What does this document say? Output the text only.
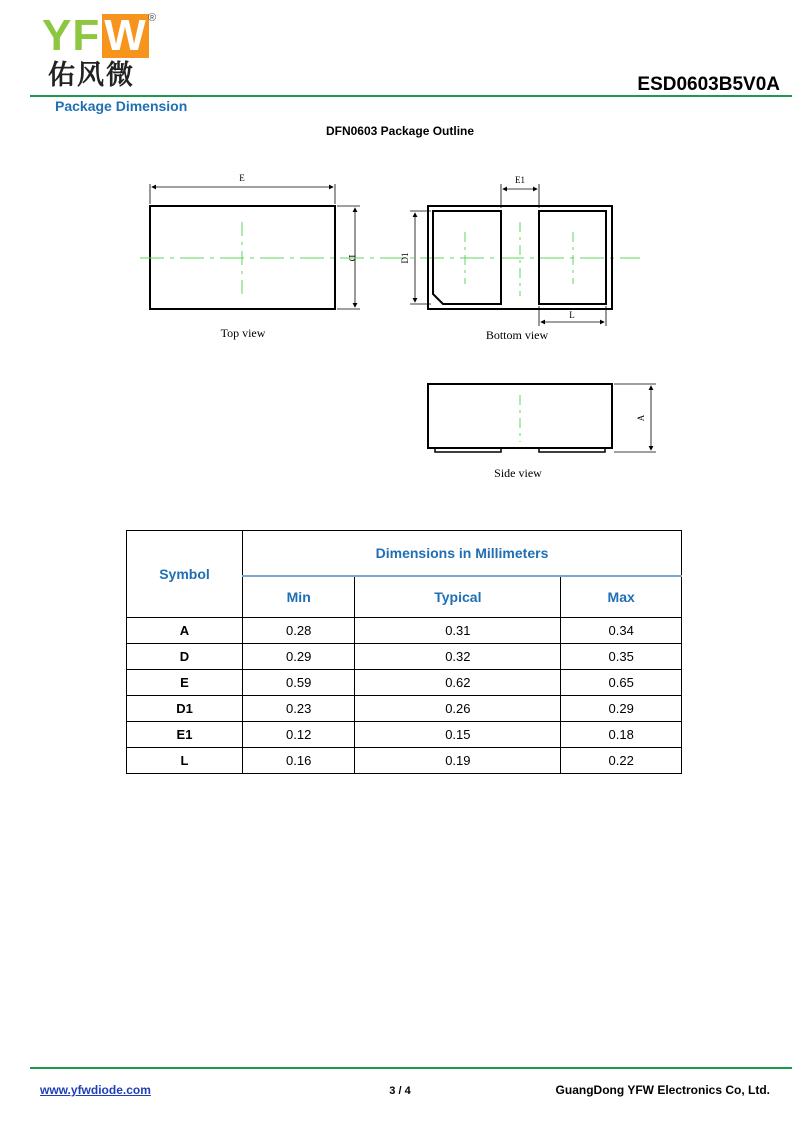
YFW ®
佑风微	ESD0603B5V0A
Package Dimension
DFN0603 Package Outline
E
D
Top view
E1
D1
L
Bottom view
A
Side view
Symbol	Dimensions in Millimeters		
	Min	Typical	Max
A	0.28	0.31	0.34
D	0.29	0.32	0.35
E	0.59	0.62	0.65
D1	0.23	0.26	0.29
E1	0.12	0.15	0.18
L	0.16	0.19	0.22
www.yfwdiode.com	3 / 4	GuangDong YFW Electronics Co, Ltd.
